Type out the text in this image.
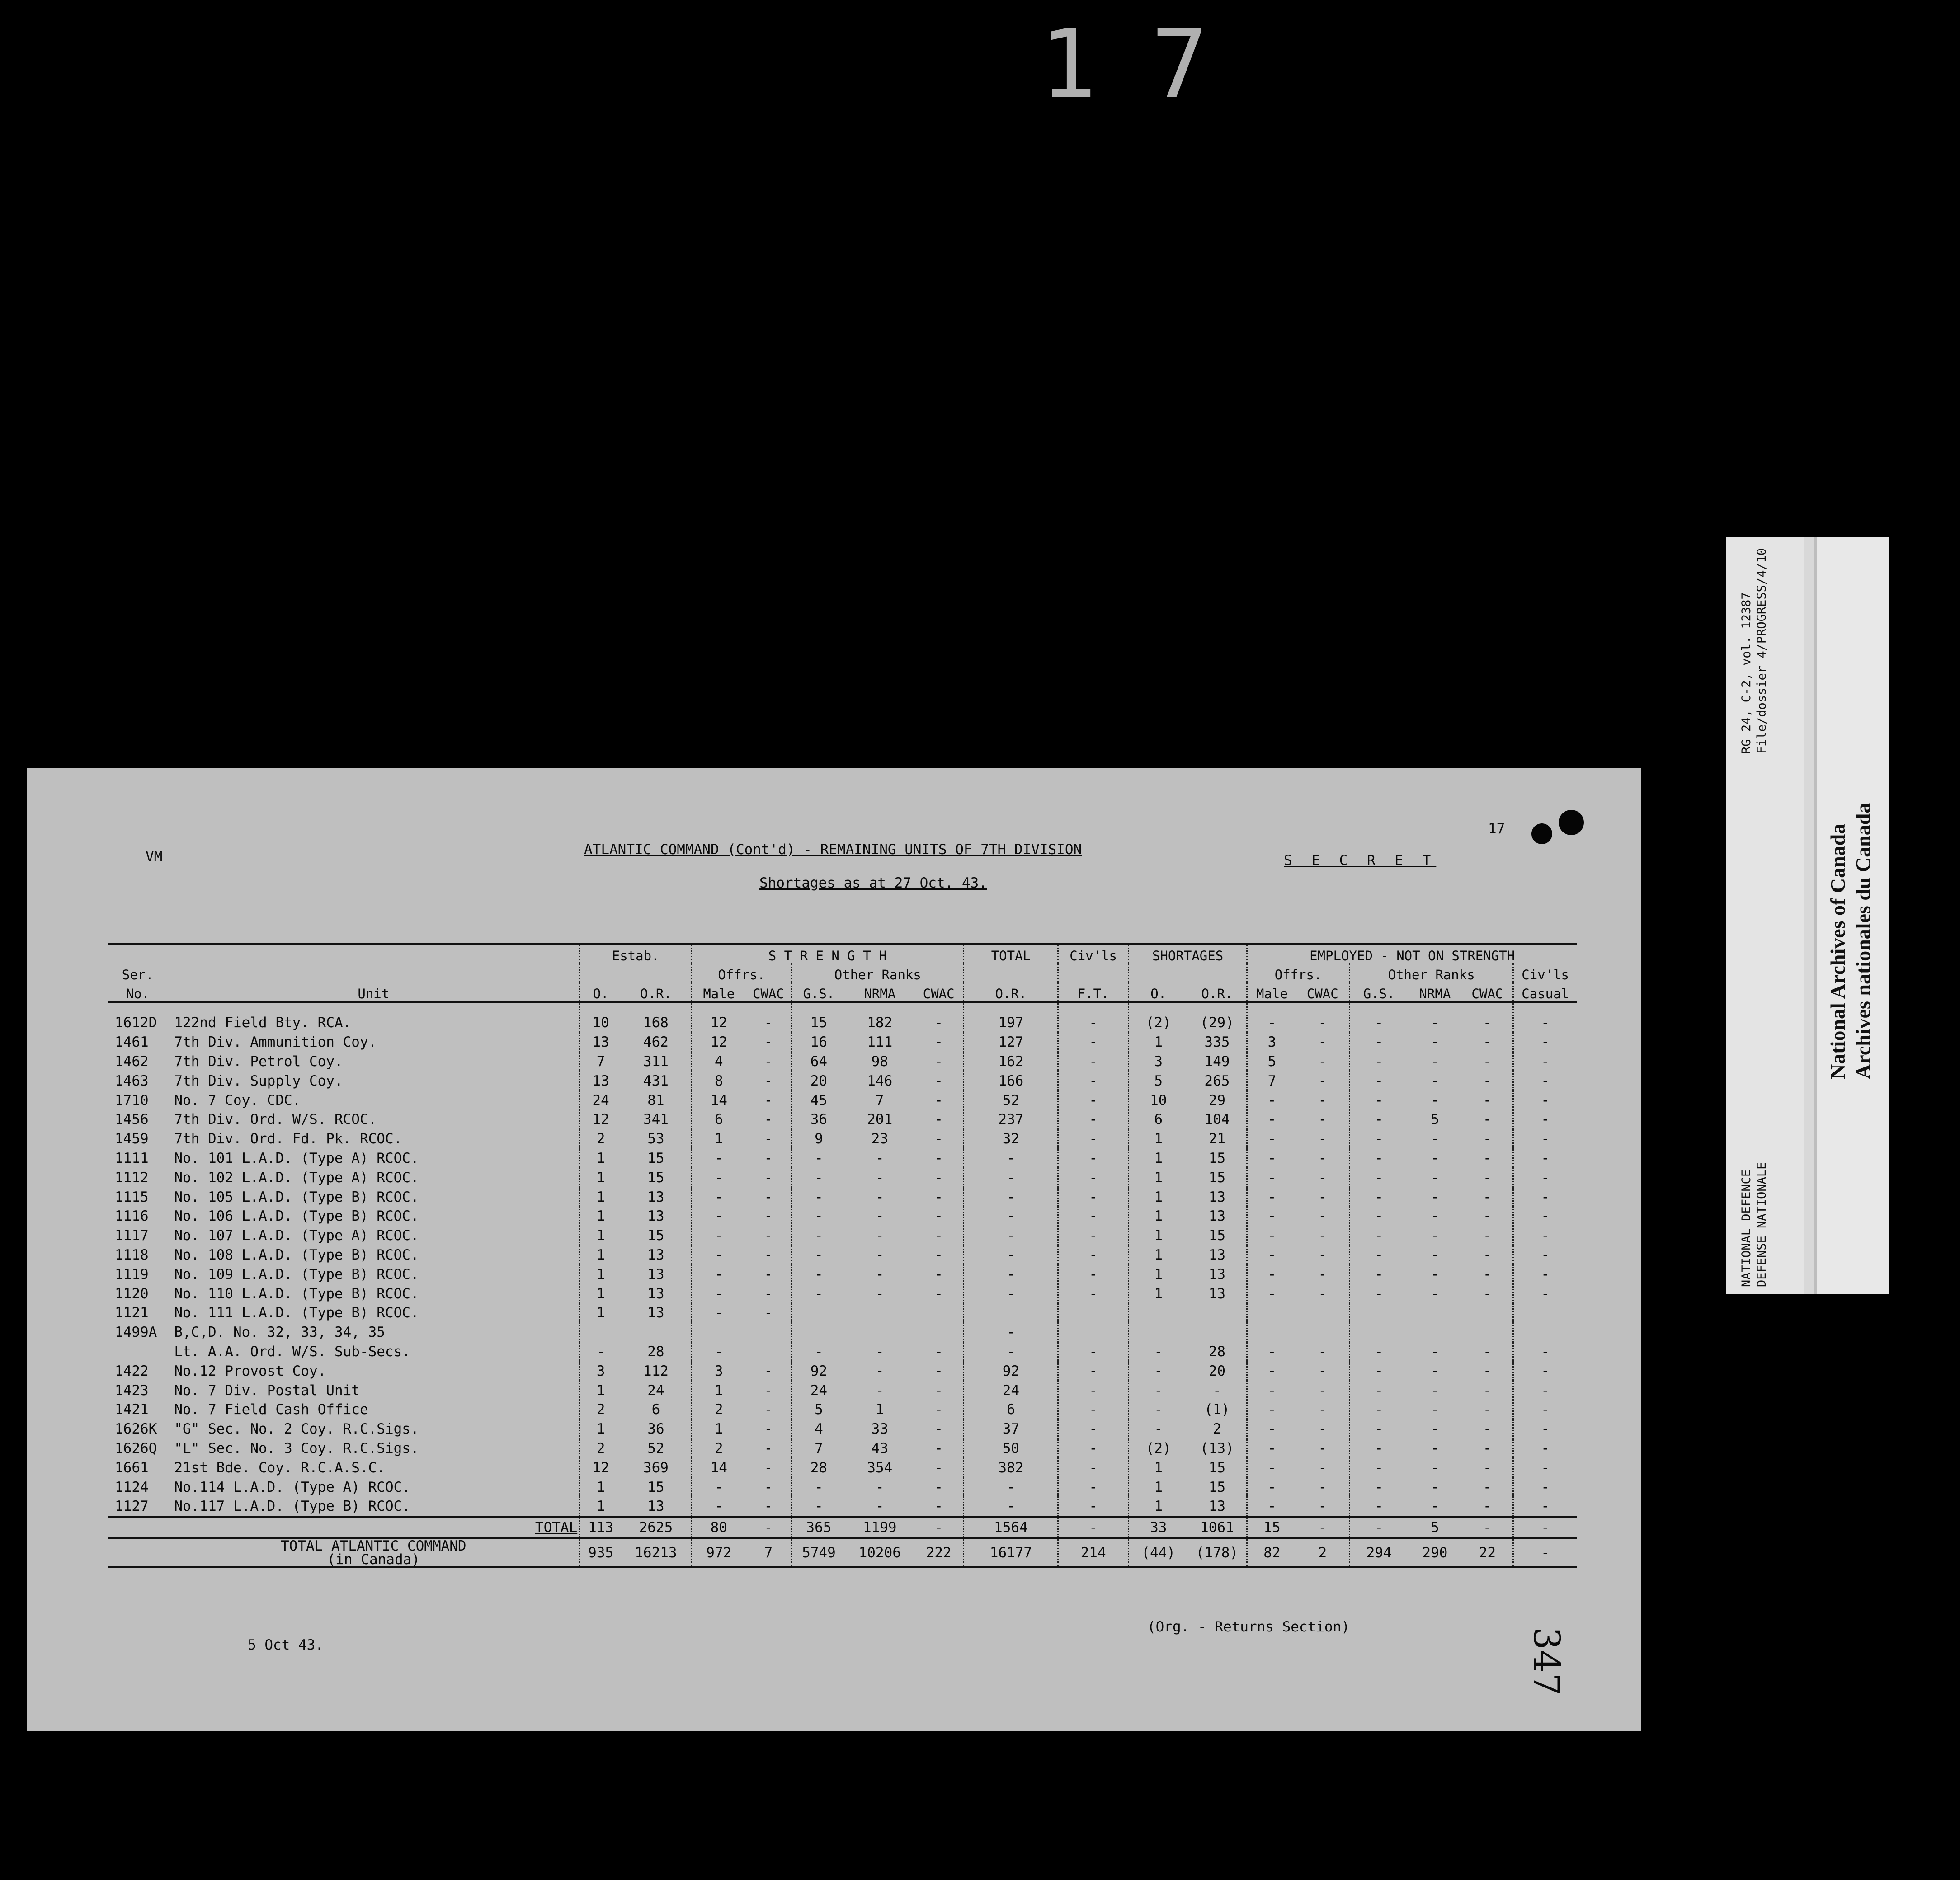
17
RG 24, C-2, vol. 12387 File/dossier 4/PROGRESS/4/10
NATIONAL DEFENCE DEFENSE NATIONALE
National Archives of Canada Archives nationales du Canada
VM	ATLANTIC COMMAND (Cont'd) - REMAINING UNITS OF 7TH DIVISION
Shortages as at 27 Oct. 43.
S E C R E T
17
		Estab.		S T R E N G T H					TOTAL	Civ'ls	SHORTAGES		EMPLOYED - NOT ON STRENGTH					
Ser.				Offrs.		Other Ranks							Offrs.		Other Ranks			Civ'ls
No.	Unit	O.	O.R.	Male	CWAC	G.S.	NRMA	CWAC	O.R.	F.T.	O.	O.R.	Male	CWAC	G.S.	NRMA	CWAC	Casual
1612D	122nd Field Bty. RCA.	10	168	12	-	15	182	-	197	-	(2)	(29)	-	-	-	-	-	-
1461	7th Div. Ammunition Coy.	13	462	12	-	16	111	-	127	-	1	335	3	-	-	-	-	-
1462	7th Div. Petrol Coy.	7	311	4	-	64	98	-	162	-	3	149	5	-	-	-	-	-
1463	7th Div. Supply Coy.	13	431	8	-	20	146	-	166	-	5	265	7	-	-	-	-	-
1710	No. 7 Coy. CDC.	24	81	14	-	45	7	-	52	-	10	29	-	-	-	-	-	-
1456	7th Div. Ord. W/S. RCOC.	12	341	6	-	36	201	-	237	-	6	104	-	-	-	5	-	-
1459	7th Div. Ord. Fd. Pk. RCOC.	2	53	1	-	9	23	-	32	-	1	21	-	-	-	-	-	-
1111	No. 101 L.A.D. (Type A) RCOC.	1	15	-	-	-	-	-	-	-	1	15	-	-	-	-	-	-
1112	No. 102 L.A.D. (Type A) RCOC.	1	15	-	-	-	-	-	-	-	1	15	-	-	-	-	-	-
1115	No. 105 L.A.D. (Type B) RCOC.	1	13	-	-	-	-	-	-	-	1	13	-	-	-	-	-	-
1116	No. 106 L.A.D. (Type B) RCOC.	1	13	-	-	-	-	-	-	-	1	13	-	-	-	-	-	-
1117	No. 107 L.A.D. (Type A) RCOC.	1	15	-	-	-	-	-	-	-	1	15	-	-	-	-	-	-
1118	No. 108 L.A.D. (Type B) RCOC.	1	13	-	-	-	-	-	-	-	1	13	-	-	-	-	-	-
1119	No. 109 L.A.D. (Type B) RCOC.	1	13	-	-	-	-	-	-	-	1	13	-	-	-	-	-	-
1120	No. 110 L.A.D. (Type B) RCOC.	1	13	-	-	-	-	-	-	-	1	13	-	-	-	-	-	-
1121	No. 111 L.A.D. (Type B) RCOC.	1	13	-	-													
1499A	B,C,D. No. 32, 33, 34, 35								-									
	Lt. A.A. Ord. W/S. Sub-Secs.	-	28	-		-	-	-	-	-	-	28	-	-	-	-	-	-
1422	No.12 Provost Coy.	3	112	3	-	92	-	-	92	-	-	20	-	-	-	-	-	-
1423	No. 7 Div. Postal Unit	1	24	1	-	24	-	-	24	-	-	-	-	-	-	-	-	-
1421	No. 7 Field Cash Office	2	6	2	-	5	1	-	6	-	-	(1)	-	-	-	-	-	-
1626K	"G" Sec. No. 2 Coy. R.C.Sigs.	1	36	1	-	4	33	-	37	-	-	2	-	-	-	-	-	-
1626Q	"L" Sec. No. 3 Coy. R.C.Sigs.	2	52	2	-	7	43	-	50	-	(2)	(13)	-	-	-	-	-	-
1661	21st Bde. Coy. R.C.A.S.C.	12	369	14	-	28	354	-	382	-	1	15	-	-	-	-	-	-
1124	No.114 L.A.D. (Type A) RCOC.	1	15	-	-	-	-	-	-	-	1	15	-	-	-	-	-	-
1127	No.117 L.A.D. (Type B) RCOC.	1	13	-	-	-	-	-	-	-	1	13	-	-	-	-	-	-
	TOTAL	113	2625	80	-	365	1199	-	1564	-	33	1061	15	-	-	5	-	-

	TOTAL ATLANTIC COMMAND
(in Canada)	935	16213	972	7	5749	10206	222	16177	214	(44)	(178)	82	2	294	290	22	-
5 Oct 43.
(Org. - Returns Section)	347
